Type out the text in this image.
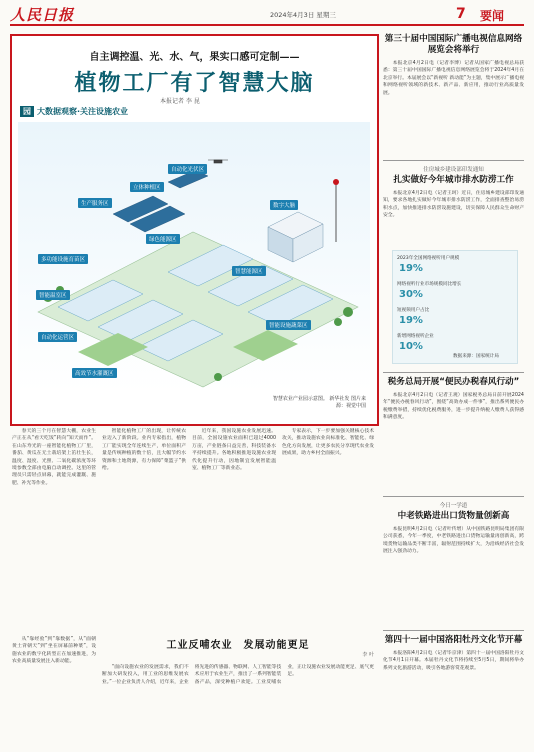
人民日报	2024年4月3日 星期三	7 要闻
自主调控温、光、水、气，果实口感可定制——
植物工厂有了智慧大脑
本报记者 李 昆
园 大数据观察·关注设施农业
自动化光伏区
立体种植区
生产服务区	数字大脑
绿色能源区
多功能设施育苗区
智能温室区
智慧能源区
高效节水灌溉区
智能设施蔬菜区
自动化运营区
智慧农业产业园示意图。 新华社发 图片来源：视觉中国

春天的三个月在智慧大棚，农业生产正在从“看天吃饭”转向“知天而作”。在山东寿光的一座智能化植物工厂里，番茄、黄瓜在无土栽培架上茁壮生长，温度、湿度、光照、二氧化碳浓度等环境参数全部由电脑自动调控。这里的管理员只需轻点屏幕，就能完成灌溉、施肥、补光等作业。

智能化植物工厂的出现，让传统农业迈入了新阶段。业内专家指出，植物工厂能实现全年连续生产，单位面积产量是传统种植的数十倍，且大幅节约水资源和土地资源，有力保障“菜篮子”供给。

近年来，我国设施农业发展迅速。目前，全国设施农业面积已超过4000万亩，产业链条日益完善，科技装备水平持续提升。各地积极推进设施农业现代化提升行动，因地制宜发展智能温室、植物工厂等新业态。

专家表示，下一步要加强关键核心技术攻关，推动设施农业向标准化、智能化、绿色化方向发展，让更多农民分享现代农业发展成果，助力乡村全面振兴。

工业反哺农业　发展动能更足
李 叶

从“靠经验”到“靠数据”，从“面朝黄土背朝天”到“坐在屏幕前种菜”，设施农业的数字化转型正在加速推进，为农业高质量发展注入新动能。

“面向设施农业的发展需求，我们不断加大研发投入，用工业的思维发展农业。”一位企业负责人介绍，近年来，企业将先进的传感器、物联网、人工智能等技术应用于农业生产，推出了一系列智能装备产品，深受种植户欢迎。工业反哺农业，正让设施农业发展动能更足、底气更足。

第三十届中国国际广播电视信息网络展览会将举行

本报北京4月2日电（记者李博）记者从国家广播电视总局获悉：第三十届中国国际广播电视信息网络展览会将于2024年4月在北京举行。本届展会以“新视听 新动能”为主题，集中展示广播电视和网络视听领域的新技术、新产品、新应用，推动行业高质量发展。

住房城乡建设部印发通知
扎实做好今年城市排水防涝工作

本报北京4月2日电（记者王珂）近日，住房城乡建设部印发通知，要求各地扎实做好今年城市排水防涝工作，全面排查整治易涝积水点，加快推进排水防涝设施建设，切实保障人民群众生命财产安全。

2023年全国网络视听用户规模
19%
网络视听行业市场规模同比增长
30%
短视频用户占比
19%
新增网络视听企业
10%
数据来源：国家统计局
税务总局开展“便民办税春风行动”

本报北京4月2日电（记者王观）国家税务总局日前开展2024年“便民办税春风行动”，围绕“高效办成一件事”，推出系列便民办税缴费举措，持续优化税费服务，进一步提升纳税人缴费人获得感和满意度。

今日一学道
中老铁路进出口货物量创新高

本报昆明4月2日电（记者叶传增）从中国铁路昆明局集团有限公司获悉，今年一季度，中老铁路进出口货物运输量再创新高，跨境货物运输品类不断丰富，辐射范围持续扩大，为沿线经济社会发展注入强劲动力。

第四十一届中国洛阳牡丹文化节开幕

本报洛阳4月2日电（记者毕京津）第四十一届中国洛阳牡丹文化节4月1日开幕。本届牡丹文化节将持续至5月5日，期间将举办系列文化旅游活动，吸引各地游客赏花观景。
